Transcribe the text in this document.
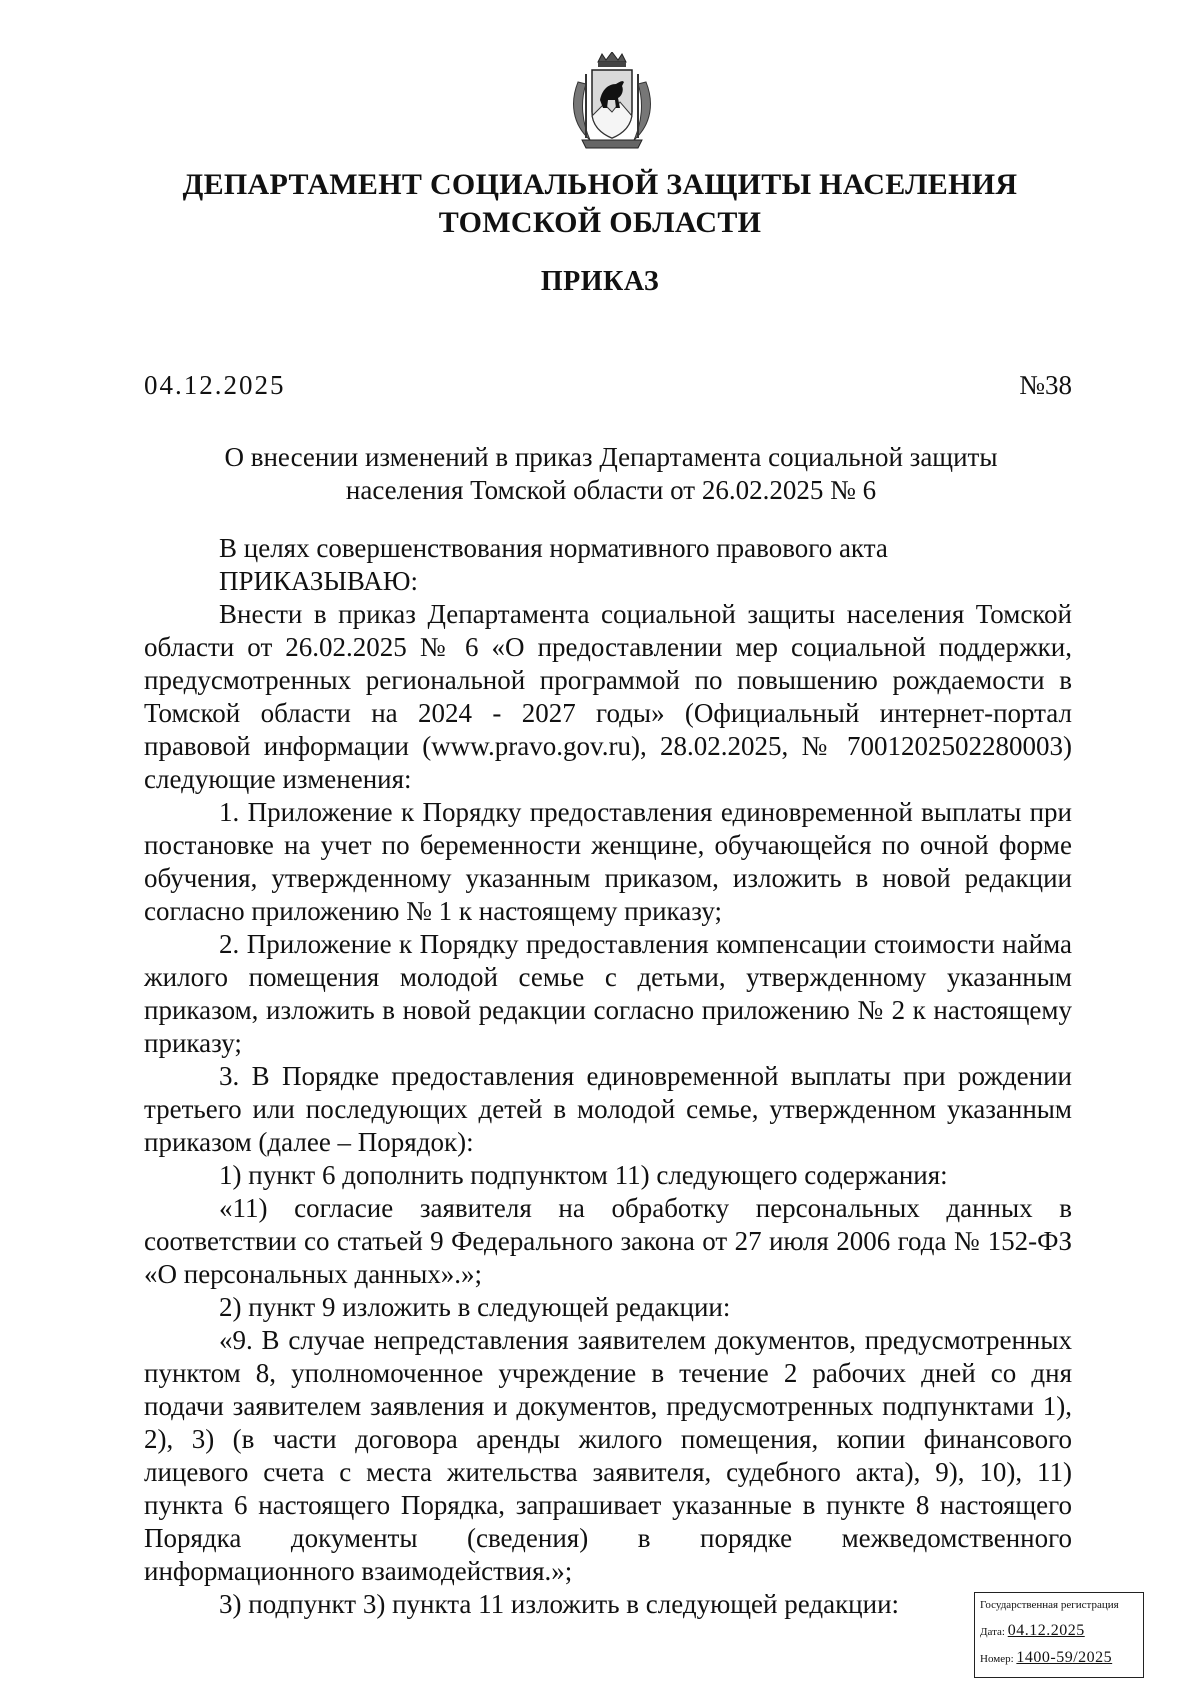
ДЕПАРТАМЕНТ СОЦИАЛЬНОЙ ЗАЩИТЫ НАСЕЛЕНИЯ
ТОМСКОЙ ОБЛАСТИ
ПРИКАЗ
04.12.2025	№38
О внесении изменений в приказ Департамента социальной защиты
населения Томской области от 26.02.2025 № 6

В целях совершенствования нормативного правового акта

ПРИКАЗЫВАЮ:

Внести в приказ Департамента социальной защиты населения Томской области от 26.02.2025 № 6 «О предоставлении мер социальной поддержки, предусмотренных региональной программой по повышению рождаемости в Томской области на 2024 - 2027 годы» (Официальный интернет-портал правовой информации (www.pravo.gov.ru), 28.02.2025, № 7001202502280003) следующие изменения:

1. Приложение к Порядку предоставления единовременной выплаты при постановке на учет по беременности женщине, обучающейся по очной форме обучения, утвержденному указанным приказом, изложить в новой редакции согласно приложению № 1 к настоящему приказу;

2. Приложение к Порядку предоставления компенсации стоимости найма жилого помещения молодой семье с детьми, утвержденному указанным приказом, изложить в новой редакции согласно приложению № 2 к настоящему приказу;

3. В Порядке предоставления единовременной выплаты при рождении третьего или последующих детей в молодой семье, утвержденном указанным приказом (далее – Порядок):

1) пункт 6 дополнить подпунктом 11) следующего содержания:

«11) согласие заявителя на обработку персональных данных в соответствии со статьей 9 Федерального закона от 27 июля 2006 года № 152-ФЗ «О персональных данных».»;

2) пункт 9 изложить в следующей редакции:

«9. В случае непредставления заявителем документов, предусмотренных пунктом 8, уполномоченное учреждение в течение 2 рабочих дней со дня подачи заявителем заявления и документов, предусмотренных подпунктами 1), 2), 3) (в части договора аренды жилого помещения, копии финансового лицевого счета с места жительства заявителя, судебного акта), 9), 10), 11) пункта 6 настоящего Порядка, запрашивает указанные в пункте 8 настоящего Порядка документы (сведения) в порядке межведомственного информационного взаимодействия.»;

3) подпункт 3) пункта 11 изложить в следующей редакции:	Государственная регистрация
Дата: 04.12.2025
Номер: 1400-59/2025
